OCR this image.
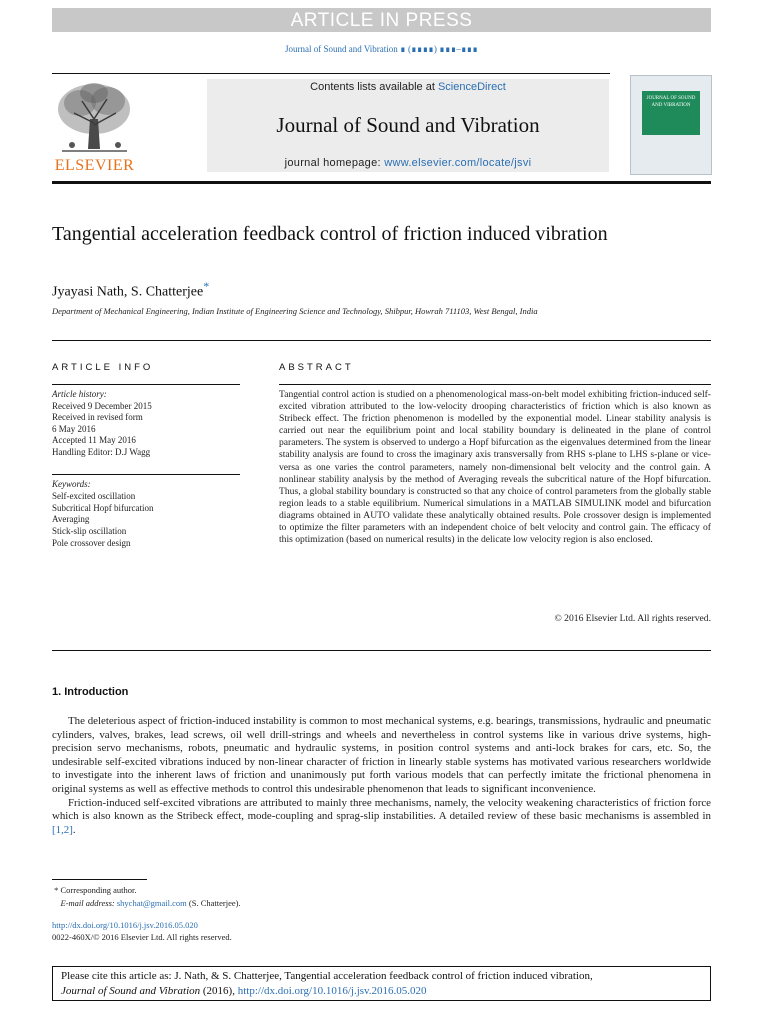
ARTICLE IN PRESS
Journal of Sound and Vibration ∎ (∎∎∎∎) ∎∎∎–∎∎∎
ELSEVIER
Contents lists available at ScienceDirect
Journal of Sound and Vibration
journal homepage: www.elsevier.com/locate/jsvi
JOURNAL OF SOUND AND VIBRATION
Tangential acceleration feedback control of friction induced vibration
Jyayasi Nath, S. Chatterjee*
Department of Mechanical Engineering, Indian Institute of Engineering Science and Technology, Shibpur, Howrah 711103, West Bengal, India
ARTICLE INFO
Article history:
Received 9 December 2015
Received in revised form
6 May 2016
Accepted 11 May 2016
Handling Editor: D.J Wagg
Keywords:
Self-excited oscillation
Subcritical Hopf bifurcation
Averaging
Stick-slip oscillation
Pole crossover design
ABSTRACT
Tangential control action is studied on a phenomenological mass-on-belt model exhibiting friction-induced self-excited vibration attributed to the low-velocity drooping characteristics of friction which is also known as Stribeck effect. The friction phenomenon is modelled by the exponential model. Linear stability analysis is carried out near the equilibrium point and local stability boundary is delineated in the plane of control parameters. The system is observed to undergo a Hopf bifurcation as the eigenvalues determined from the linear stability analysis are found to cross the imaginary axis transversally from RHS s-plane to LHS s-plane or vice-versa as one varies the control parameters, namely non-dimensional belt velocity and the control gain. A nonlinear stability analysis by the method of Averaging reveals the subcritical nature of the Hopf bifurcation. Thus, a global stability boundary is constructed so that any choice of control parameters from the globally stable region leads to a stable equilibrium. Numerical simulations in a MATLAB SIMULINK model and bifurcation diagrams obtained in AUTO validate these analytically obtained results. Pole crossover design is implemented to optimize the filter parameters with an independent choice of belt velocity and control gain. The efficacy of this optimization (based on numerical results) in the delicate low velocity region is also enclosed.
© 2016 Elsevier Ltd. All rights reserved.
1. Introduction

The deleterious aspect of friction-induced instability is common to most mechanical systems, e.g. bearings, transmissions, hydraulic and pneumatic cylinders, valves, brakes, lead screws, oil well drill-strings and wheels and nevertheless in control systems like in various drive systems, high-precision servo mechanisms, robots, pneumatic and hydraulic systems, in position control systems and anti-lock brakes for cars, etc. So, the undesirable self-excited vibrations induced by non-linear character of friction in linearly stable systems has motivated various researchers worldwide to investigate into the inherent laws of friction and unanimously put forth various models that can perfectly imitate the frictional phenomena in original systems as well as effective methods to control this undesirable phenomenon that leads to significant inconvenience.

Friction-induced self-excited vibrations are attributed to mainly three mechanisms, namely, the velocity weakening characteristics of friction force which is also known as the Stribeck effect, mode-coupling and sprag-slip instabilities. A detailed review of these basic mechanisms is assembled in [1,2].

* Corresponding author.
E-mail address: shychat@gmail.com (S. Chatterjee).
http://dx.doi.org/10.1016/j.jsv.2016.05.020
0022-460X/© 2016 Elsevier Ltd. All rights reserved.
Please cite this article as: J. Nath, & S. Chatterjee, Tangential acceleration feedback control of friction induced vibration,
Journal of Sound and Vibration (2016), http://dx.doi.org/10.1016/j.jsv.2016.05.020
